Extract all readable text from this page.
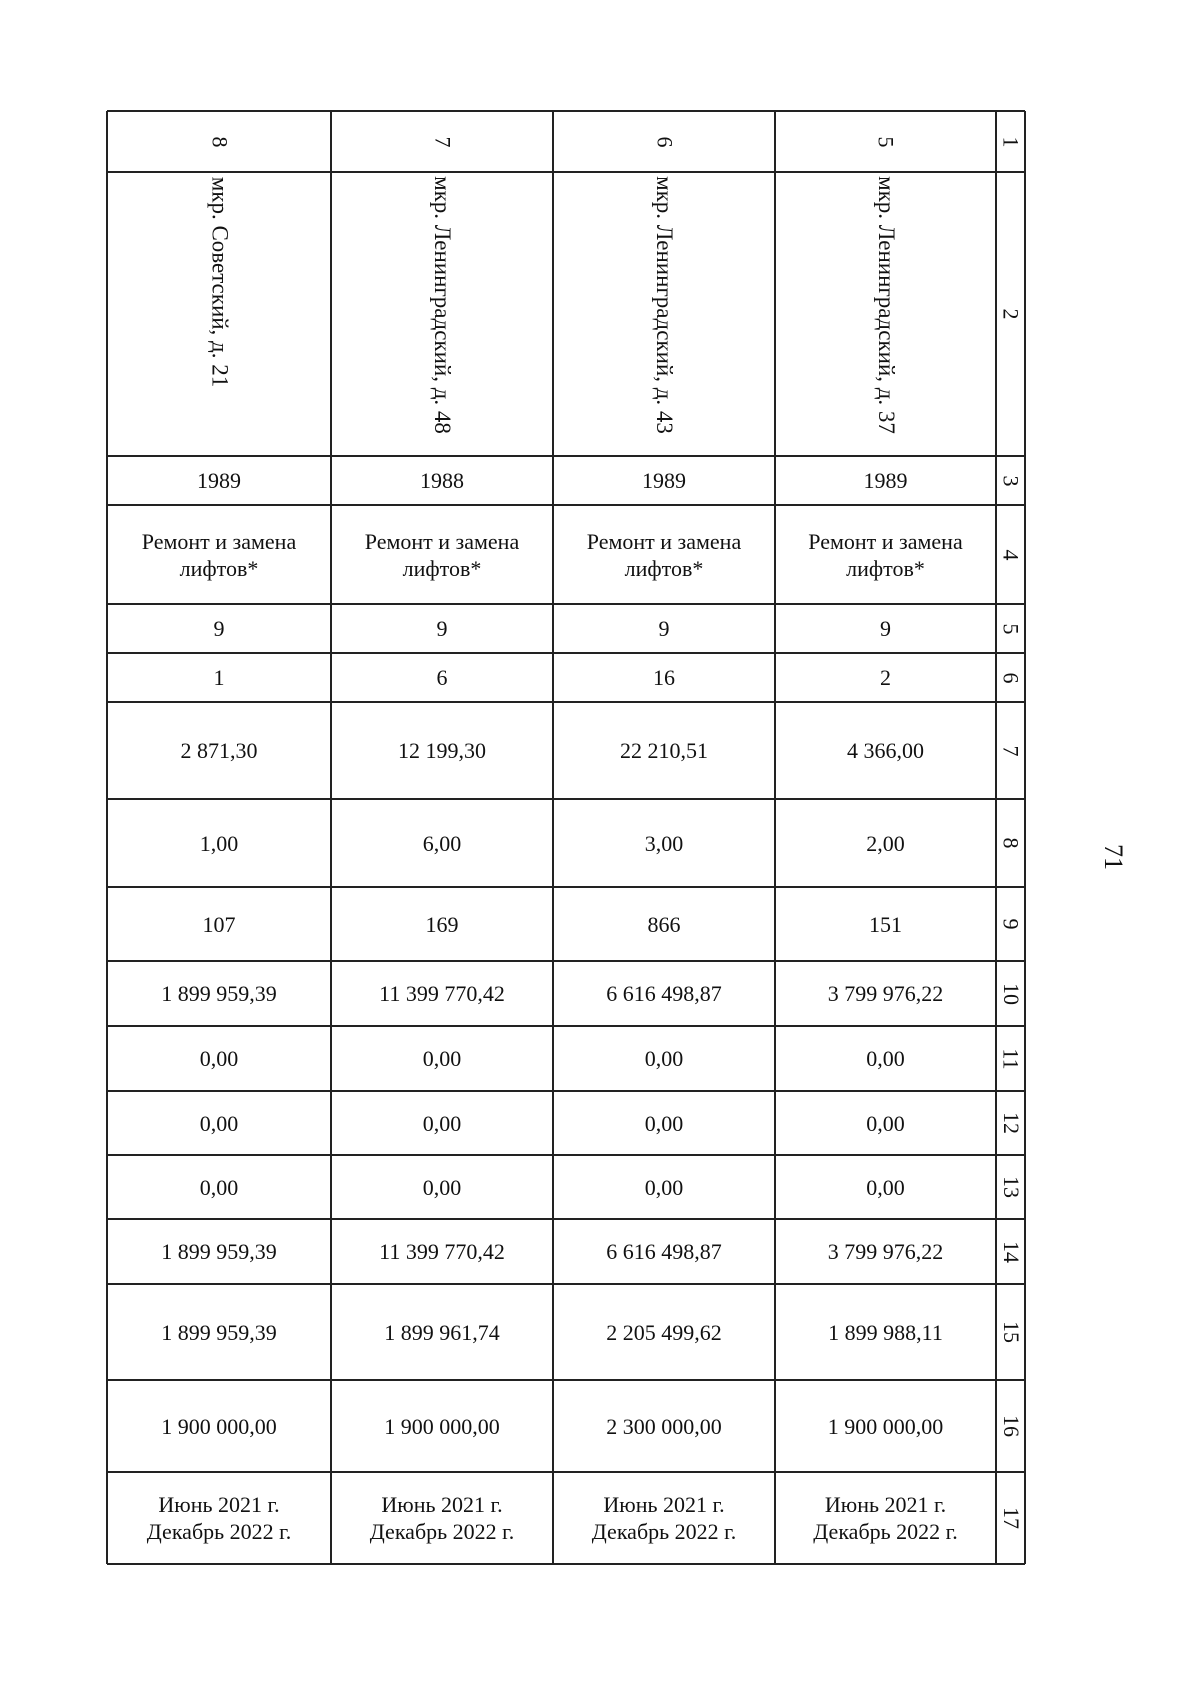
8
мкр. Советский, д. 21
1989
Ремонт и замена
лифтов*
9
1
2 871,30
1,00
107
1 899 959,39
0,00
0,00
0,00
1 899 959,39
1 899 959,39
1 900 000,00
Июнь 2021 г.
Декабрь 2022 г.
7
мкр. Ленинградский, д. 48
1988
Ремонт и замена
лифтов*
9
6
12 199,30
6,00
169
11 399 770,42
0,00
0,00
0,00
11 399 770,42
1 899 961,74
1 900 000,00
Июнь 2021 г.
Декабрь 2022 г.
6
мкр. Ленинградский, д. 43
1989
Ремонт и замена
лифтов*
9
16
22 210,51
3,00
866
6 616 498,87
0,00
0,00
0,00
6 616 498,87
2 205 499,62
2 300 000,00
Июнь 2021 г.
Декабрь 2022 г.
5
мкр. Ленинградский, д. 37
1989
Ремонт и замена
лифтов*
9
2
4 366,00
2,00
151
3 799 976,22
0,00
0,00
0,00
3 799 976,22
1 899 988,11
1 900 000,00
Июнь 2021 г.
Декабрь 2022 г.
1
2
3
4
5
6
7
8
9
10
11
12
13
14
15
16
17
71
